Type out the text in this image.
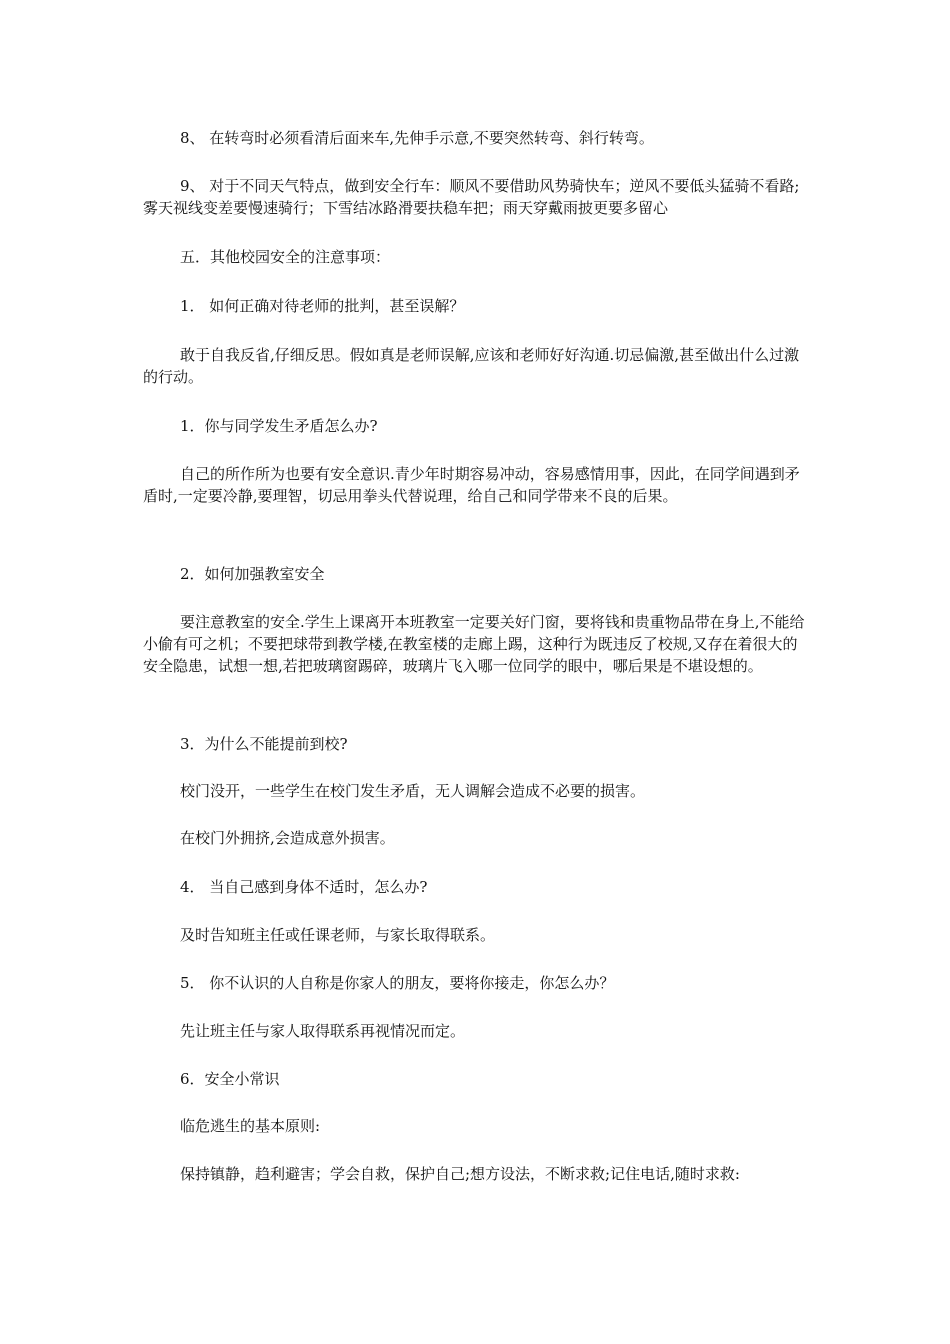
8、 在转弯时必须看清后面来车,先伸手示意,不要突然转弯、斜行转弯。

9、 对于不同天气特点，做到安全行车：顺风不要借助风势骑快车；逆风不要低头猛骑不看路;雾天视线变差要慢速骑行；下雪结冰路滑要扶稳车把；雨天穿戴雨披更要多留心

五．其他校园安全的注意事项：

1． 如何正确对待老师的批判，甚至误解？

敢于自我反省,仔细反思。假如真是老师误解,应该和老师好好沟通.切忌偏激,甚至做出什么过激的行动。

1．你与同学发生矛盾怎么办?

自己的所作所为也要有安全意识.青少年时期容易冲动，容易感情用事，因此，在同学间遇到矛盾时,一定要冷静,要理智，切忌用拳头代替说理，给自己和同学带来不良的后果。

2．如何加强教室安全

要注意教室的安全.学生上课离开本班教室一定要关好门窗，要将钱和贵重物品带在身上,不能给小偷有可之机；不要把球带到教学楼,在教室楼的走廊上踢，这种行为既违反了校规,又存在着很大的安全隐患，试想一想,若把玻璃窗踢碎，玻璃片飞入哪一位同学的眼中，哪后果是不堪设想的。

3．为什么不能提前到校?

校门没开，一些学生在校门发生矛盾，无人调解会造成不必要的损害。

在校门外拥挤,会造成意外损害。

4． 当自己感到身体不适时，怎么办?

及时告知班主任或任课老师，与家长取得联系。

5． 你不认识的人自称是你家人的朋友，要将你接走，你怎么办？

先让班主任与家人取得联系再视情况而定。

6．安全小常识

临危逃生的基本原则:

保持镇静，趋利避害；学会自救，保护自己;想方设法，不断求救;记住电话,随时求救:
